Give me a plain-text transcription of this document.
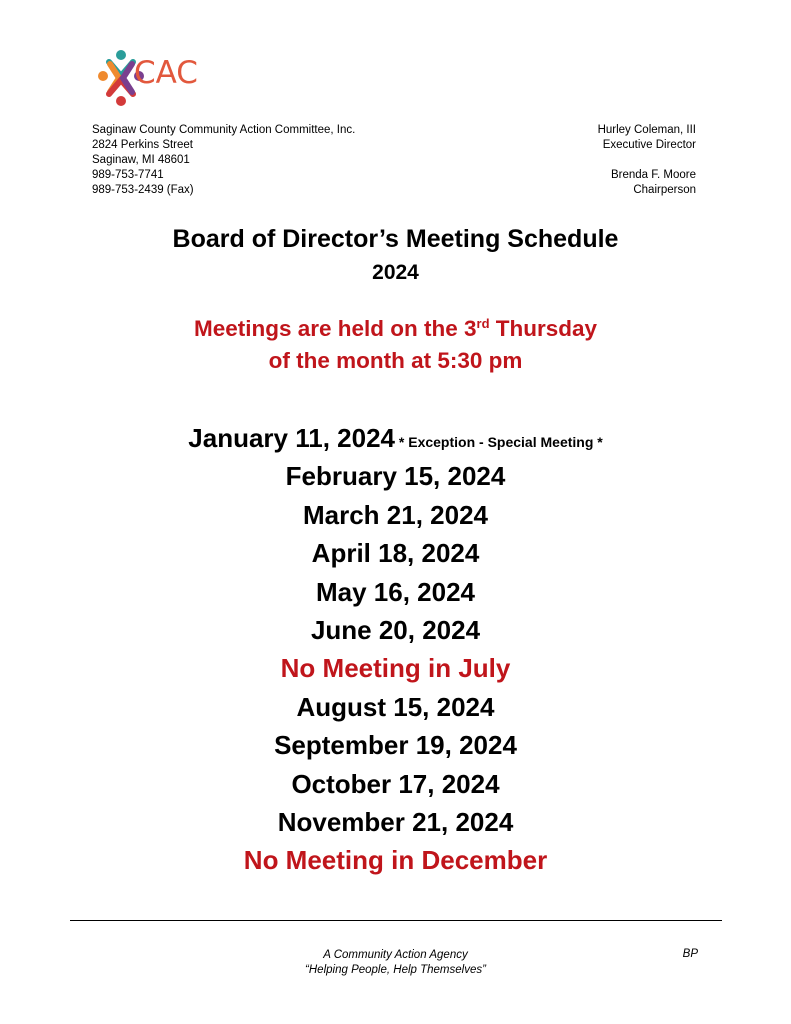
CAC
Saginaw County Community Action Committee, Inc.
2824 Perkins Street
Saginaw, MI 48601
989-753-7741
989-753-2439 (Fax)
Hurley Coleman, III
Executive Director
Brenda F. Moore
Chairperson
Board of Director’s Meeting Schedule
2024
Meetings are held on the 3rd Thursday
of the month at 5:30 pm
January 11, 2024 * Exception - Special Meeting *
February 15, 2024
March 21, 2024
April 18, 2024
May 16, 2024
June 20, 2024
No Meeting in July
August 15, 2024
September 19, 2024
October 17, 2024
November 21, 2024
No Meeting in December
A Community Action Agency
“Helping People, Help Themselves”
BP
